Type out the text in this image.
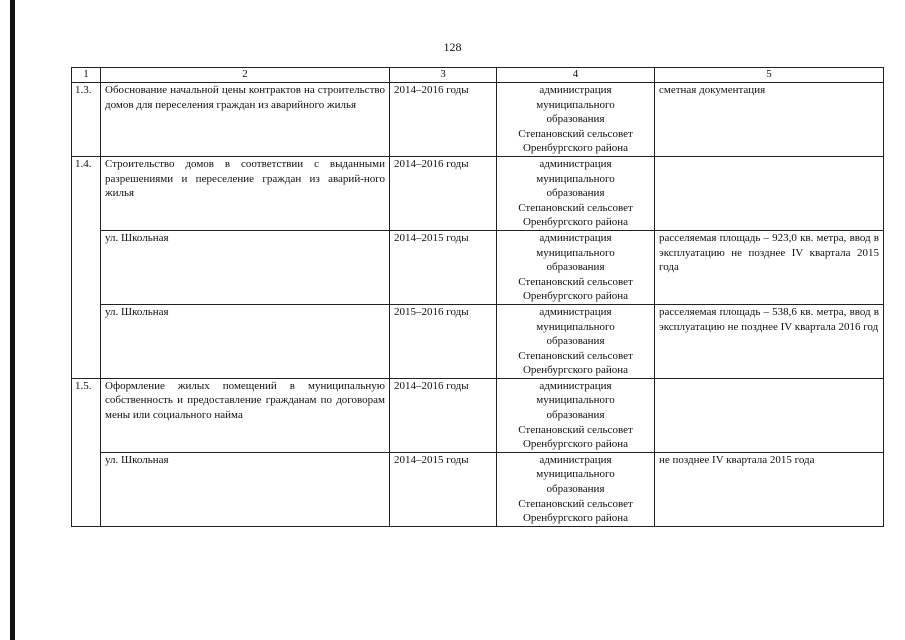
128
1	2	3	4	5
1.3.	Обоснование начальной цены контрактов на строительство домов для переселения граждан из аварийного жилья	2014–2016 годы	администрация
муниципального
образования
Степановский сельсовет
Оренбургского района	сметная документация
1.4.	Строительство домов в соответствии с выданными разрешениями и переселение граждан из аварий-ного жилья	2014–2016 годы	администрация
муниципального
образования
Степановский сельсовет
Оренбургского района	

	ул. Школьная	2014–2015 годы	администрация
муниципального
образования
Степановский сельсовет
Оренбургского района	расселяемая площадь – 923,0 кв. метра, ввод в эксплуатацию не позднее IV квартала 2015 года
	ул. Школьная	2015–2016 годы	администрация
муниципального
образования
Степановский сельсовет
Оренбургского района	расселяемая площадь – 538,6 кв. метра, ввод в эксплуатацию не позднее IV квартала 2016 год
1.5.	Оформление жилых помещений в муниципальную собственность и предоставление гражданам по договорам мены или социального найма	2014–2016 годы	администрация
муниципального
образования
Степановский сельсовет
Оренбургского района	

	ул. Школьная	2014–2015 годы	администрация
муниципального
образования
Степановский сельсовет
Оренбургского района	не позднее IV квартала 2015 года
